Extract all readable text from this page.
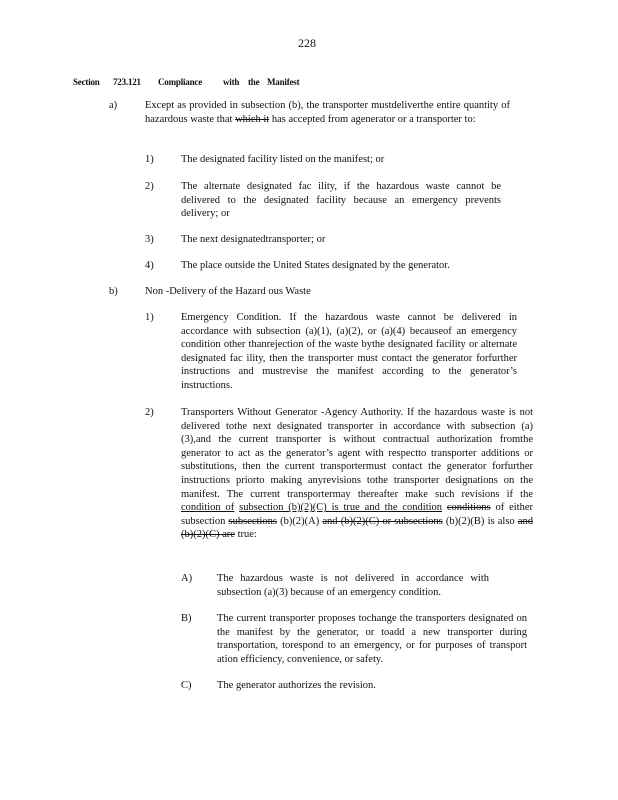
228
Section 723.121 Compliance with the Manifest
a)	Except as provided in subsection (b), the transporter mustdeliverthe entire quantity of hazardous waste that which it has accepted from agenerator or a transporter to:
1)	The designated facility listed on the manifest; or
2)	The alternate designated fac ility, if the hazardous waste cannot be delivered to the designated facility because an emergency prevents delivery; or
3)	The next designatedtransporter; or
4)	The place outside the United States designated by the generator.
b)	Non -Delivery of the Hazard ous Waste
1)	Emergency Condition. If the hazardous waste cannot be delivered in accordance with subsection (a)(1), (a)(2), or (a)(4) becauseof an emergency condition other thanrejection of the waste bythe designated facility or alternate designated fac ility, then the transporter must contact the generator forfurther instructions and mustrevise the manifest according to the generator’s instructions.
2)	Transporters Without Generator -Agency Authority. If the hazardous waste is not delivered tothe next designated transporter in accordance with subsection (a)(3),and the current transporter is without contractual authorization fromthe generator to act as the generator’s agent with respectto transporter additions or substitutions, then the current transportermust contact the generator forfurther instructions priorto making anyrevisions tothe transporter designations on the manifest. The current transportermay thereafter make such revisions if the condition of subsection (b)(2)(C) is true and the condition conditions of either subsection subsections (b)(2)(A) and (b)(2)(C) or subsections (b)(2)(B) is also and (b)(2)(C) are true:
A) The hazardous waste is not delivered in accordance with subsection (a)(3) because of an emergency condition.
B) The current transporter proposes tochange the transporters designated on the manifest by the generator, or toadd a new transporter during transportation, torespond to an emergency, or for purposes of transport ation efficiency, convenience, or safety.
C) The generator authorizes the revision.
